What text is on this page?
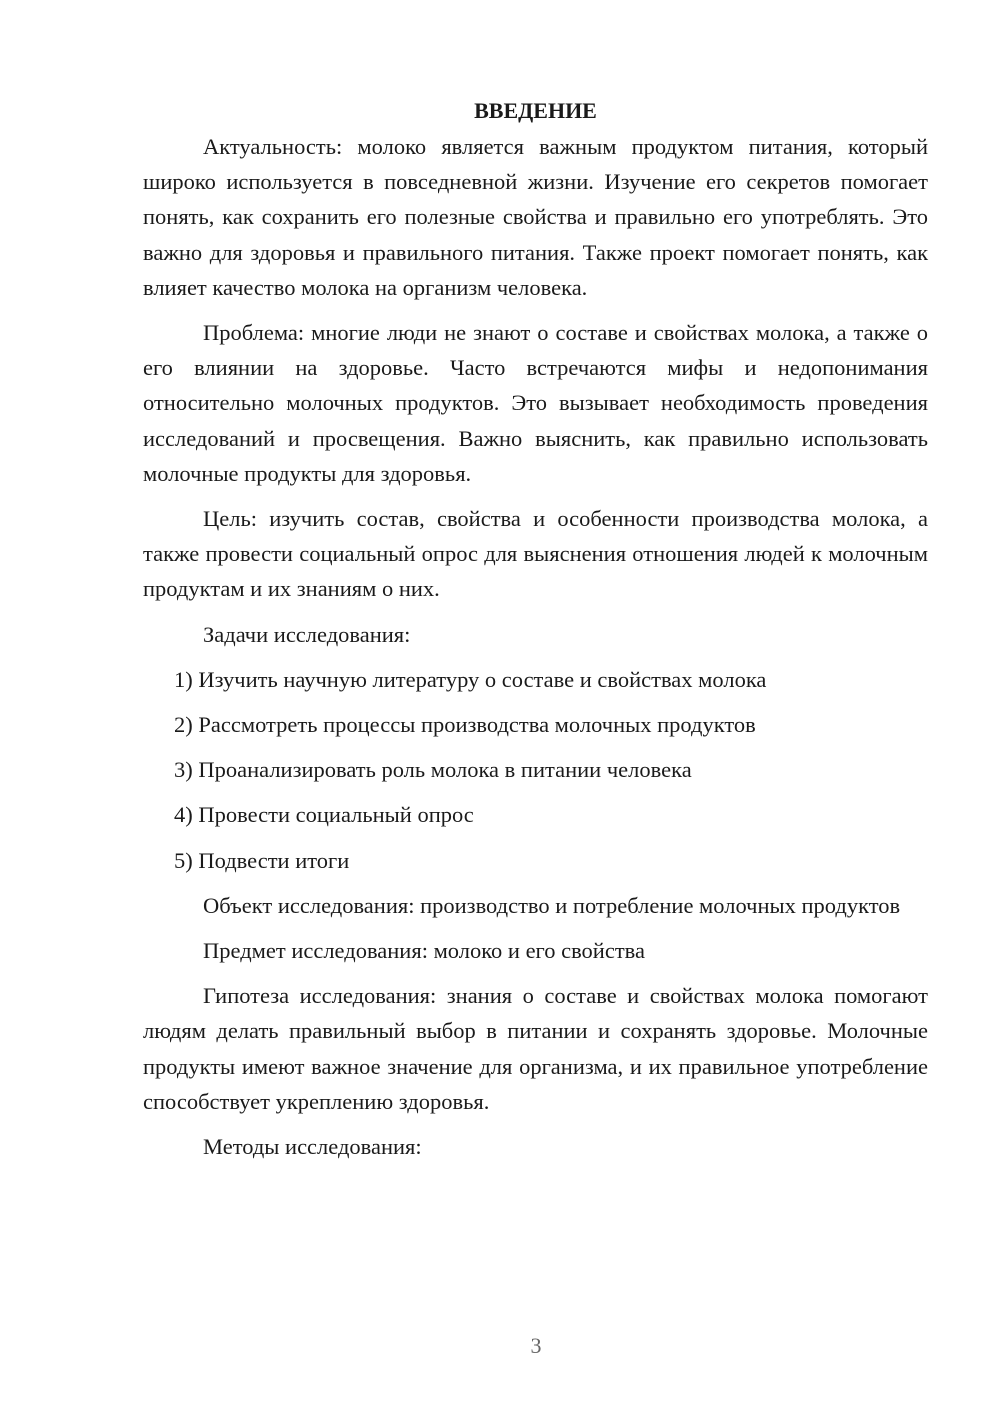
ВВЕДЕНИЕ

Актуальность: молоко является важным продуктом питания, который широко используется в повседневной жизни. Изучение его секретов помогает понять, как сохранить его полезные свойства и правильно его употреблять. Это важно для здоровья и правильного питания. Также проект помогает понять, как влияет качество молока на организм человека.

Проблема: многие люди не знают о составе и свойствах молока, а также о его влиянии на здоровье. Часто встречаются мифы и недопонимания относительно молочных продуктов. Это вызывает необходимость проведения исследований и просвещения. Важно выяснить, как правильно использовать молочные продукты для здоровья.

Цель: изучить состав, свойства и особенности производства молока, а также провести социальный опрос для выяснения отношения людей к молочным продуктам и их знаниям о них.

Задачи исследования:

1) Изучить научную литературу о составе и свойствах молока
2) Рассмотреть процессы производства молочных продуктов
3) Проанализировать роль молока в питании человека
4) Провести социальный опрос
5) Подвести итоги

Объект исследования: производство и потребление молочных продуктов

Предмет исследования: молоко и его свойства

Гипотеза исследования: знания о составе и свойствах молока помогают людям делать правильный выбор в питании и сохранять здоровье. Молочные продукты имеют важное значение для организма, и их правильное употребление способствует укреплению здоровья.

Методы исследования:

3
